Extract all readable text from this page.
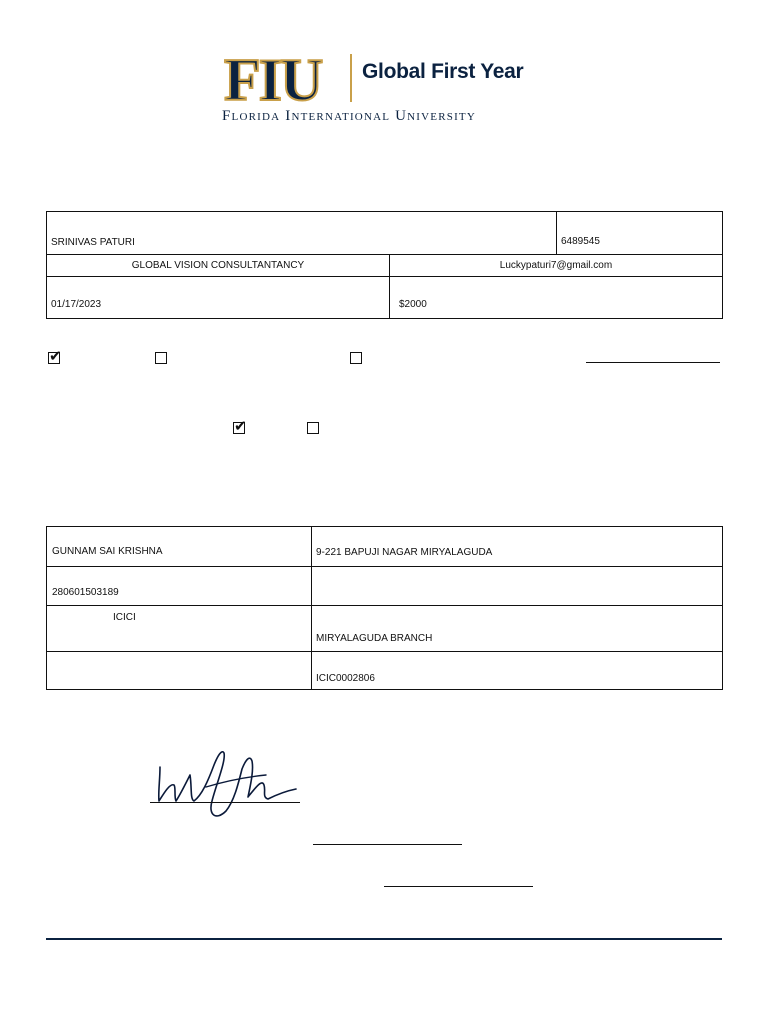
FIU Global First Year
Florida International University
SRINIVAS PATURI		6489545
GLOBAL VISION CONSULTANTANCY	Luckypaturi7@gmail.com	
01/17/2023	$2000	
✔
✔
GUNNAM SAI KRISHNA	9-221 BAPUJI NAGAR MIRYALAGUDA
280601503189	
ICICI	MIRYALAGUDA BRANCH
	ICIC0002806
